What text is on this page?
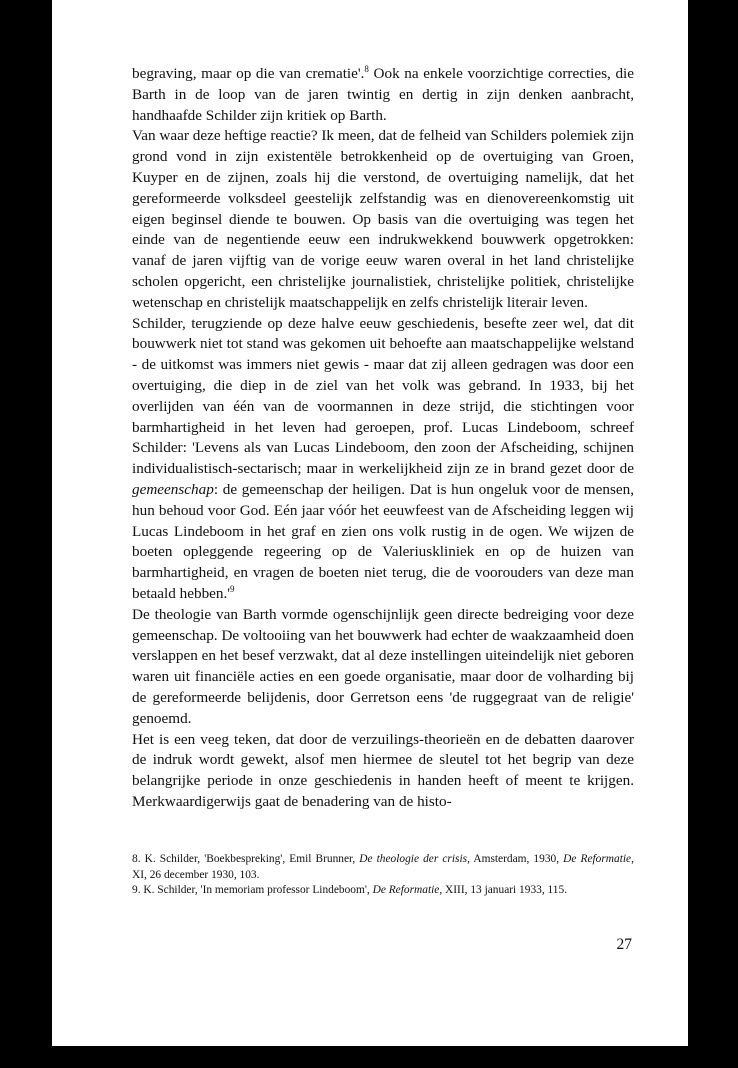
begraving, maar op die van crematie'.$^8$ Ook na enkele voorzichtige correcties, die Barth in de loop van de jaren twintig en dertig in zijn denken aanbracht, handhaafde Schilder zijn kritiek op Barth.

Van waar deze heftige reactie? Ik meen, dat de felheid van Schilders polemiek zijn grond vond in zijn existentële betrokkenheid op de overtuiging van Groen, Kuyper en de zijnen, zoals hij die verstond, de overtuiging namelijk, dat het gereformeerde volksdeel geestelijk zelfstandig was en dienovereenkomstig uit eigen beginsel diende te bouwen. Op basis van die overtuiging was tegen het einde van de negentiende eeuw een indrukwekkend bouwwerk opgetrokken: vanaf de jaren vijftig van de vorige eeuw waren overal in het land christelijke scholen opgericht, een christelijke journalistiek, christelijke politiek, christelijke wetenschap en christelijk maatschappelijk en zelfs christelijk literair leven.

Schilder, terugziende op deze halve eeuw geschiedenis, besefte zeer wel, dat dit bouwwerk niet tot stand was gekomen uit behoefte aan maatschappelijke welstand - de uitkomst was immers niet gewis - maar dat zij alleen gedragen was door een overtuiging, die diep in de ziel van het volk was gebrand. In 1933, bij het overlijden van één van de voormannen in deze strijd, die stichtingen voor barmhartigheid in het leven had geroepen, prof. Lucas Lindeboom, schreef Schilder: 'Levens als van Lucas Lindeboom, den zoon der Afscheiding, schijnen individualistisch-sectarisch; maar in werkelijkheid zijn ze in brand gezet door de gemeenschap: de gemeenschap der heiligen. Dat is hun ongeluk voor de mensen, hun behoud voor God. Eén jaar vóór het eeuwfeest van de Afscheiding leggen wij Lucas Lindeboom in het graf en zien ons volk rustig in de ogen. We wijzen de boeten opleggende regeering op de Valeriuskliniek en op de huizen van barmhartigheid, en vragen de boeten niet terug, die de voorouders van deze man betaald hebben.'$^9$

De theologie van Barth vormde ogenschijnlijk geen directe bedreiging voor deze gemeenschap. De voltooiing van het bouwwerk had echter de waakzaamheid doen verslappen en het besef verzwakt, dat al deze instellingen uiteindelijk niet geboren waren uit financiële acties en een goede organisatie, maar door de volharding bij de gereformeerde belijdenis, door Gerretson eens 'de ruggegraat van de religie' genoemd.

Het is een veeg teken, dat door de verzuilings-theorieën en de debatten daarover de indruk wordt gewekt, alsof men hiermee de sleutel tot het begrip van deze belangrijke periode in onze geschiedenis in handen heeft of meent te krijgen. Merkwaardigerwijs gaat de benadering van de histo-

8. K. Schilder, 'Boekbespreking', Emil Brunner, De theologie der crisis, Amsterdam, 1930, De Reformatie, XI, 26 december 1930, 103.

9. K. Schilder, 'In memoriam professor Lindeboom', De Reformatie, XIII, 13 januari 1933, 115.

27
